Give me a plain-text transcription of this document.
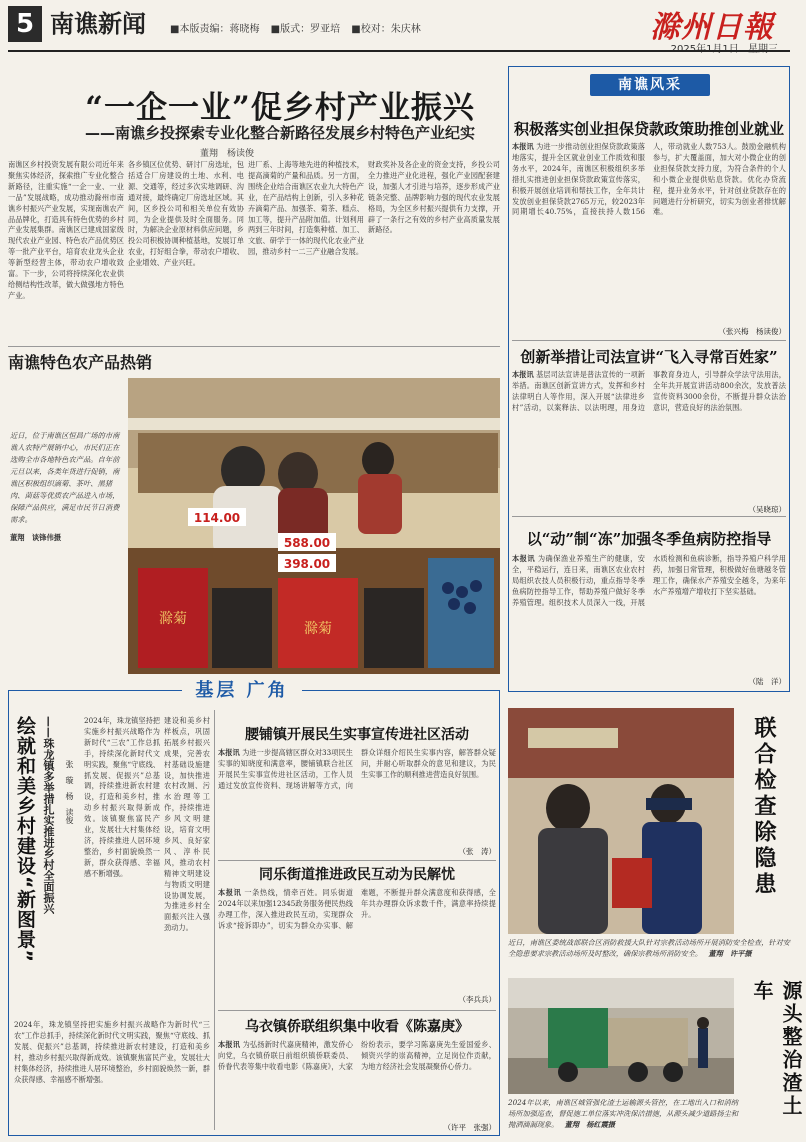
5 南谯新闻 ■本版责编：蒋晓梅 ■版式：罗亚培 ■校对：朱庆林	滁州日報
“一企一业”促乡村产业振兴
——南谯乡投探索专业化整合新路径发展乡村特色产业纪实
董翔　杨读俊
南谯区乡村投资发展有限公司近年来聚焦实体经济，探索推广专业化整合新路径，注重实施“一企一业、一业一品”发展战略，成功推动滁州市南谯乡村振兴产业发展，实现南谯农产品品牌化，打造具有特色优势的乡村产业发展集群。南谯区已建成国家级现代农业产业园、特色农产品优势区等一批产业平台，培育农业龙头企业等新型经营主体，带动农户增收致富。下一步，公司将持续深化农业供给侧结构性改革，做大做强地方特色产业。
各乡镇区位优势、研讨厂房选址，包括适合厂房建设的土地、水利、电源、交通等，经过多次实地调研、沟通对接，最终确定厂房选址区域。其间，区乡投公司和相关单位有效协同，为企业提供及时全面服务。同时，为解决企业原材料供应问题，乡投公司积极协调种植基地，发展订单农业，打好组合拳，带动农户增收、企业增效、产业兴旺。
进厂系、上海等地先进的种植技术，提高滴菊的产量和品质。另一方面，围绕企业结合南谯区农业九大特色产业，在产品结构上创新，引入多种花卉滴菊产品、加强茶、菊茶、糕点、加工等，提升产品附加值。计划利用两到三年时间，打造集种植、加工、文旅、研学于一体的现代化农业产业园，推动乡村一二三产业融合发展。
财政奖补及各企业的资金支持，乡投公司全力推进产业化进程，强化产业园配套建设，加强人才引进与培养，逐步形成产业链条完整、品牌影响力强的现代农业发展格局，为全区乡村振兴提供有力支撑，开辟了一条行之有效的乡村产业高质量发展新路径。
南谯特色农产品热销
近日，位于南谯区恒昌广场的市南谯人农特产展销中心，市民们正在选购全市各地特色农产品。自年前元旦以来，各类年货进行促销，南谯区积极组织滴菊、茶叶、黑猪肉、菌菇等优质农产品进入市场，保障产品供应，满足市民节日消费需求。
董翔　谈锋伟摄
滁菊
114.00
588.00
398.00
滁菊
南谯风采
积极落实创业担保贷款政策助推创业就业
本报讯 为进一步推动创业担保贷款政策落地落实，提升全区就业创业工作质效和服务水平，2024年，南谯区积极组织多举措扎实推进创业担保贷款政策宣传落实，积极开展创业培训和帮扶工作，全年共计发放创业担保贷款2765万元，较2023年同期增长40.75%，直接扶持人数156人，带动就业人数753人。鼓励金融机构参与，扩大覆盖面，加大对小微企业的创业担保贷款支持力度，为符合条件的个人和小微企业提供贴息贷款。优化办贷流程，提升业务水平，针对创业贷款存在的问题进行分析研究，切实为创业者排忧解难。
（张兴梅　杨读俊）
创新举措让司法宣讲“飞入寻常百姓家”
本报讯 基层司法宣讲是普法宣传的一项新举措。南谯区创新宣讲方式，发挥和乡村法律明白人等作用，深入开展“法律进乡村”活动，以案释法、以法明理，用身边事教育身边人，引导群众学法守法用法，全年共开展宣讲活动800余次，发放普法宣传资料3000余份，不断提升群众法治意识，营造良好的法治氛围。
（吴晓琼）
以“动”制“冻”加强冬季鱼病防控指导
本报讯 为确保渔业养殖生产的健康，安全，平稳运行，连日来，南谯区农业农村局组织农技人员积极行动，重点指导冬季鱼病防控指导工作，帮助养殖户做好冬季养殖管理。组织技术人员深入一线，开展水质检测和鱼病诊断，指导养殖户科学用药，加强日常管理，积极做好鱼塘越冬管理工作，确保水产养殖安全越冬，为来年水产养殖增产增收打下坚实基础。
（陆　洋）
基层 广角
绘就和美乡村建设“新图景” ——珠龙镇多举措扎实推进乡村全面振兴 张　璇　杨　读俊
2024年，珠龙镇坚持把实施乡村振兴战略作为新时代“三农”工作总抓手，持续深化新时代文明实践，聚焦“守底线、抓发展、促振兴”总基调，持续推进新农村建设，打造和美乡村，推动乡村振兴取得新成效。该镇聚焦富民产业，发展壮大村集体经济，持续推进人居环境整治，乡村面貌焕然一新，群众获得感、幸福感不断增强。
建设和美乡村样板点，巩固拓展乡村振兴成果，完善农村基础设施建设，加快推进农村改厕、污水治理等工作，持续推进乡风文明建设，培育文明乡风、良好家风、淳朴民风，推动农村精神文明建设与物质文明建设协调发展，为推进乡村全面振兴注入强劲动力。
2024年，珠龙镇坚持把实施乡村振兴战略作为新时代“三农”工作总抓手，持续深化新时代文明实践，聚焦“守底线、抓发展、促振兴”总基调，持续推进新农村建设，打造和美乡村，推动乡村振兴取得新成效。该镇聚焦富民产业，发展壮大村集体经济，持续推进人居环境整治，乡村面貌焕然一新，群众获得感、幸福感不断增强。
腰铺镇开展民生实事宣传进社区活动
本报讯 为进一步提高辖区群众对33项民生实事的知晓度和满意率，腰铺镇联合社区开展民生实事宣传进社区活动，工作人员通过发放宣传资料、现场讲解等方式，向群众详细介绍民生实事内容，解答群众疑问，并耐心听取群众的意见和建议，为民生实事工作的顺利推进营造良好氛围。
（张　涛）
同乐街道推进政民互动为民解忧
本报讯 一条热线，情牵百姓。同乐街道2024年以来加强12345政务服务便民热线办理工作，深入推进政民互动，实现群众诉求“接诉即办”，切实为群众办实事、解难题，不断提升群众满意度和获得感，全年共办理群众诉求数千件，满意率持续提升。
（李兵兵）
乌衣镇侨联组织集中收看《陈嘉庚》
本报讯 为弘扬新时代嘉庚精神，激发侨心向党，乌衣镇侨联日前组织镇侨联委员、侨眷代表等集中收看电影《陈嘉庚》，大家纷纷表示，要学习陈嘉庚先生爱国爱乡、倾资兴学的崇高精神，立足岗位作贡献，为地方经济社会发展凝聚侨心侨力。
（许平　张强）
联合检查除隐患
近日，南谯区委统战部联合区消防救援大队针对宗教活动场所开展消防安全检查，针对安全隐患要求宗教活动场所及时整改，确保宗教场所消防安全。 董翔　许平摄
源头整治渣土车
2024年以来，南谯区城管强化渣土运输源头管控，在工地出入口和消纳场所加强巡查，督促施工单位落实冲洗保洁措施，从源头减少道路扬尘和抛洒滴漏现象。 董翔　杨红霞摄
